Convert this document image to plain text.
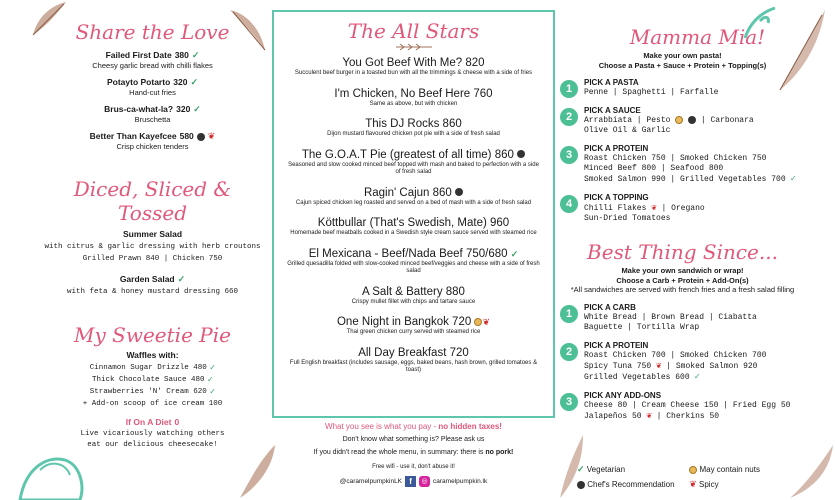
Share the Love
Failed First Date 380 ✓
Cheesy garlic bread with chilli flakes
Potayto Potarto 320 ✓
Hand-cut fries
Brus-ca-what-la? 320 ✓
Bruschetta
Better Than Kayefcee 580 ❦
Crisp chicken tenders
Diced, Sliced & Tossed
Summer Salad
with citrus & garlic dressing with herb croutons
Grilled Prawn 840 | Chicken 750
Garden Salad ✓
with feta & honey mustard dressing 660
My Sweetie Pie
Waffles with:
Cinnamon Sugar Drizzle 480 ✓
Thick Chocolate Sauce 480 ✓
Strawberries 'N' Cream 620 ✓
+ Add-on scoop of ice cream 100
If On A Diet 0
Live vicariously watching others
eat our delicious cheesecake!
The All Stars
You Got Beef With Me? 820
Succulent beef burger in a toasted bun with all the trimmings & cheese with a side of fries
I'm Chicken, No Beef Here 760
Same as above, but with chicken
This DJ Rocks 860
Dijon mustard flavoured chicken pot pie with a side of fresh salad
The G.O.A.T Pie (greatest of all time) 860
Seasoned and slow cooked minced beef topped with mash and baked to perfection with a side of fresh salad
Ragin' Cajun 860
Cajun spiced chicken leg roasted and served on a bed of mash with a side of fresh salad
Köttbullar (That's Swedish, Mate) 960
Homemade beef meatballs cooked in a Swedish style cream sauce served with steamed rice
El Mexicana - Beef/Nada Beef 750/680 ✓
Grilled quesadilla folded with slow-cooked minced beef/veggies and cheese with a side of fresh salad
A Salt & Battery 880
Crispy mullet fillet with chips and tartare sauce
One Night in Bangkok 720 ❦
Thai green chicken curry served with steamed rice
All Day Breakfast 720
Full English breakfast (includes sausage, eggs, baked beans, hash brown, grilled tomatoes & toast)
What you see is what you pay - no hidden taxes!
Don't know what something is? Please ask us
If you didn't read the whole menu, in summary: there is no pork!
Free wifi - use it, don't abuse it!
@caramelpumpkinLK f	◎ caramelpumpkin.lk
Mamma Mia!
Make your own pasta!
Choose a Pasta + Sauce + Protein + Topping(s)
1
PICK A PASTA
Penne | Spaghetti | Farfalle
2
PICK A SAUCE
Arrabbiata | Pesto	| Carbonara
Olive Oil & Garlic
3
PICK A PROTEIN
Roast Chicken 750 | Smoked Chicken 750
Minced Beef 800 | Seafood 800
Smoked Salmon 990 | Grilled Vegetables 700 ✓
4
PICK A TOPPING
Chilli Flakes ❦ | Oregano
Sun-Dried Tomatoes
Best Thing Since...
Make your own sandwich or wrap!
Choose a Carb + Protein + Add-On(s)
*All sandwiches are served with french fries and a fresh salad filling
1
PICK A CARB
White Bread | Brown Bread | Ciabatta
Baguette | Tortilla Wrap
2
PICK A PROTEIN
Roast Chicken 700 | Smoked Chicken 700
Spicy Tuna 750 ❦ | Smoked Salmon 920
Grilled Vegetables 600 ✓
3
PICK ANY ADD-ONS
Cheese 80 | Cream Cheese 150 | Fried Egg 50
Jalapeños 50 ❦ | Cherkins 50
✓ Vegetarian	May contain nuts
Chef's Recommendation ❦ Spicy
